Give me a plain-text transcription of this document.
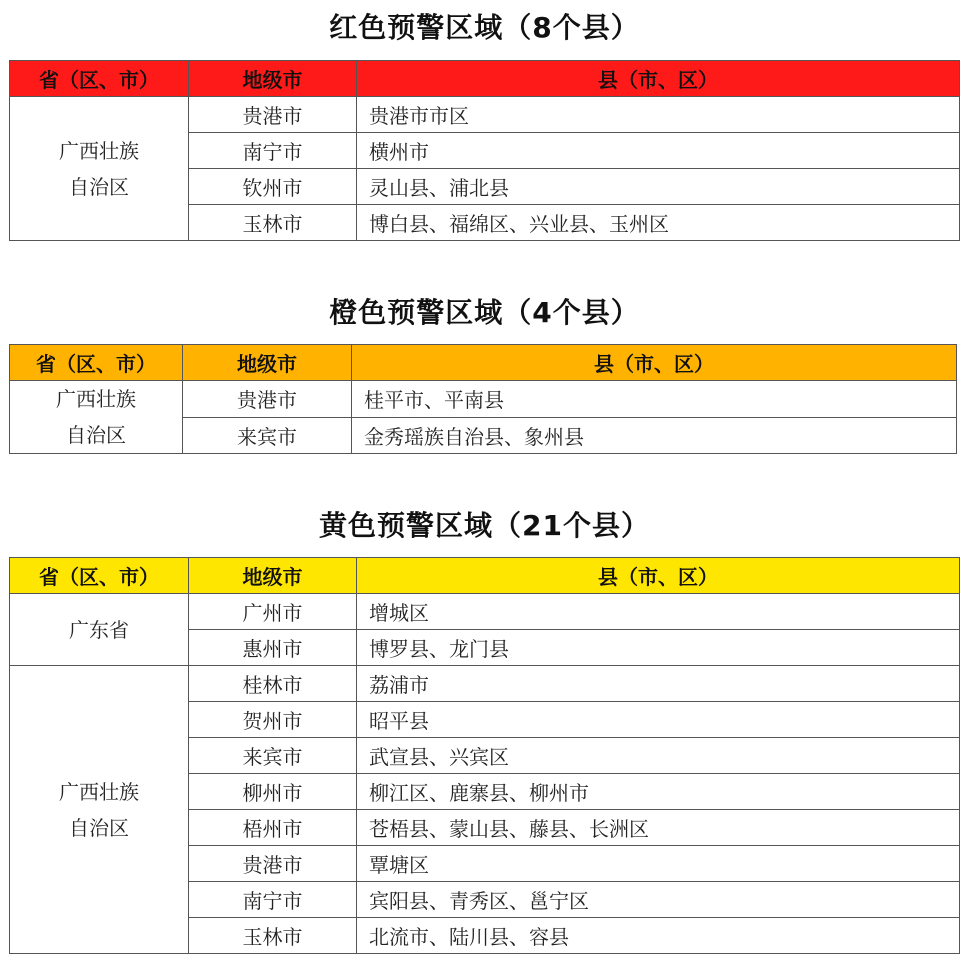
红色预警区域（8个县）
省（区、市）	地级市	县（市、区）

广西壮族
自治区	贵港市	贵港市市区
	南宁市	横州市
	钦州市	灵山县、浦北县
	玉林市	博白县、福绵区、兴业县、玉州区
橙色预警区域（4个县）
省（区、市）	地级市	县（市、区）

广西壮族
自治区	贵港市	桂平市、平南县
	来宾市	金秀瑶族自治县、象州县
黄色预警区域（21个县）
省（区、市）	地级市	县（市、区）
广东省	广州市	增城区
	惠州市	博罗县、龙门县

广西壮族
自治区	桂林市	荔浦市
	贺州市	昭平县
	来宾市	武宣县、兴宾区
	柳州市	柳江区、鹿寨县、柳州市
	梧州市	苍梧县、蒙山县、藤县、长洲区
	贵港市	覃塘区
	南宁市	宾阳县、青秀区、邕宁区
	玉林市	北流市、陆川县、容县
